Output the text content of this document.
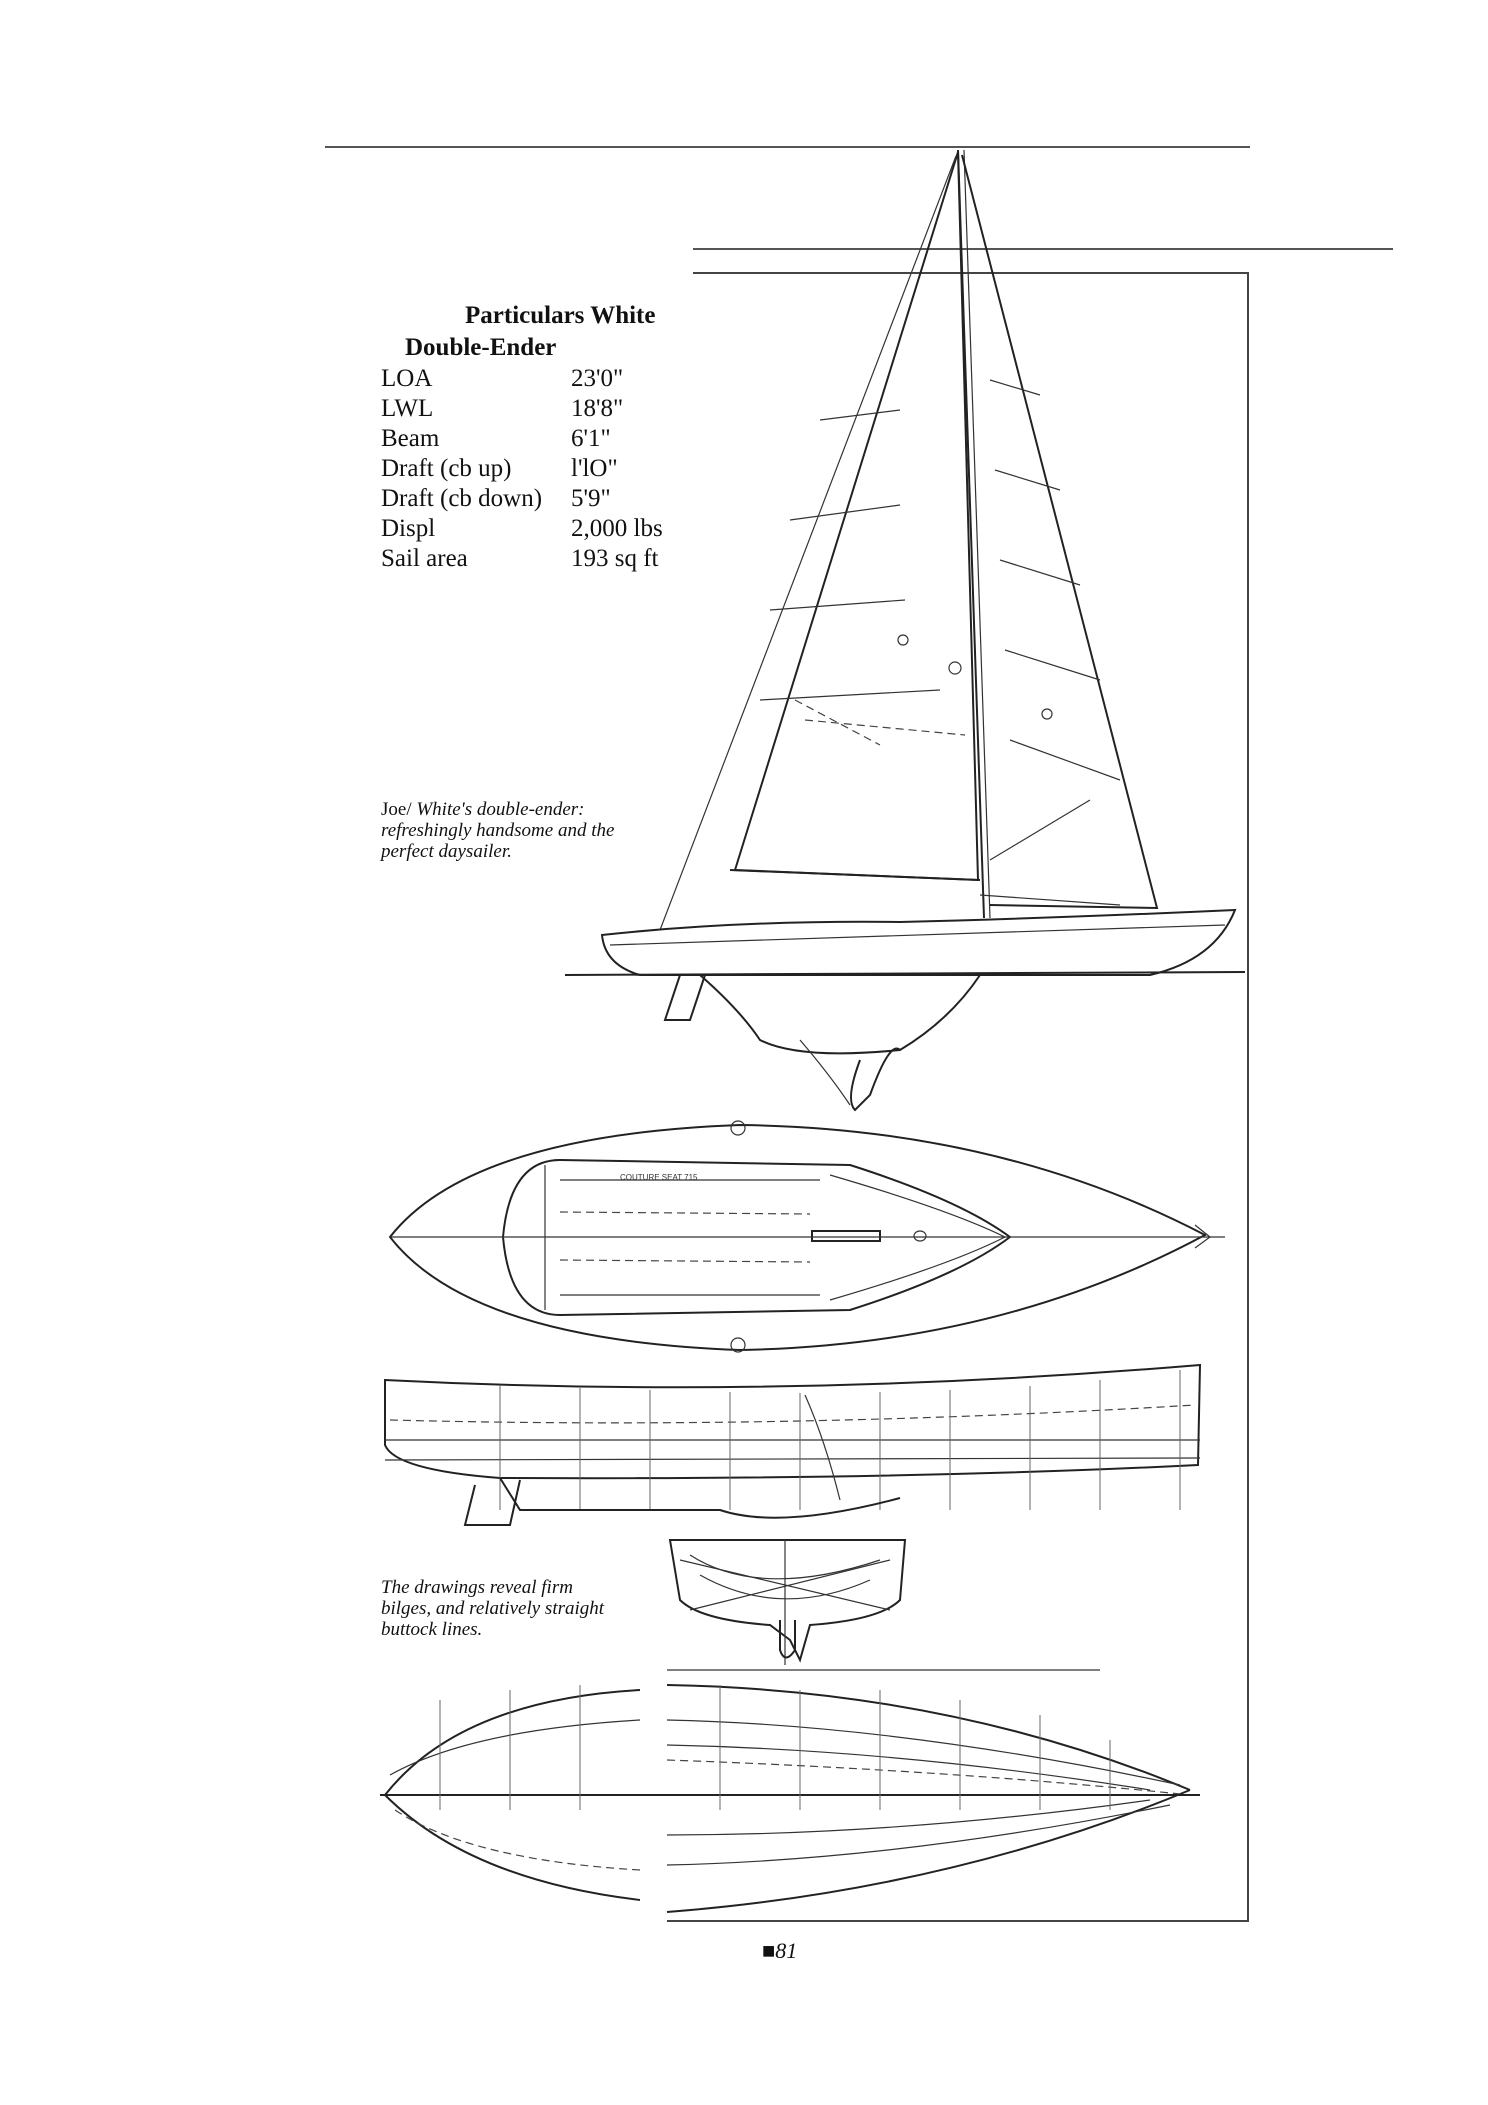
COUTURE SEAT 715
Particulars White
Double-Ender
LOA	23'0"
LWL	18'8"
Beam	6'1"
Draft (cb up)	l'lO"
Draft (cb down)	5'9"
Displ	2,000 lbs
Sail area	193 sq ft
Joe/ White's double-ender: refreshingly handsome and the perfect daysailer.
The drawings reveal firm bilges, and relatively straight buttock lines.
■81
